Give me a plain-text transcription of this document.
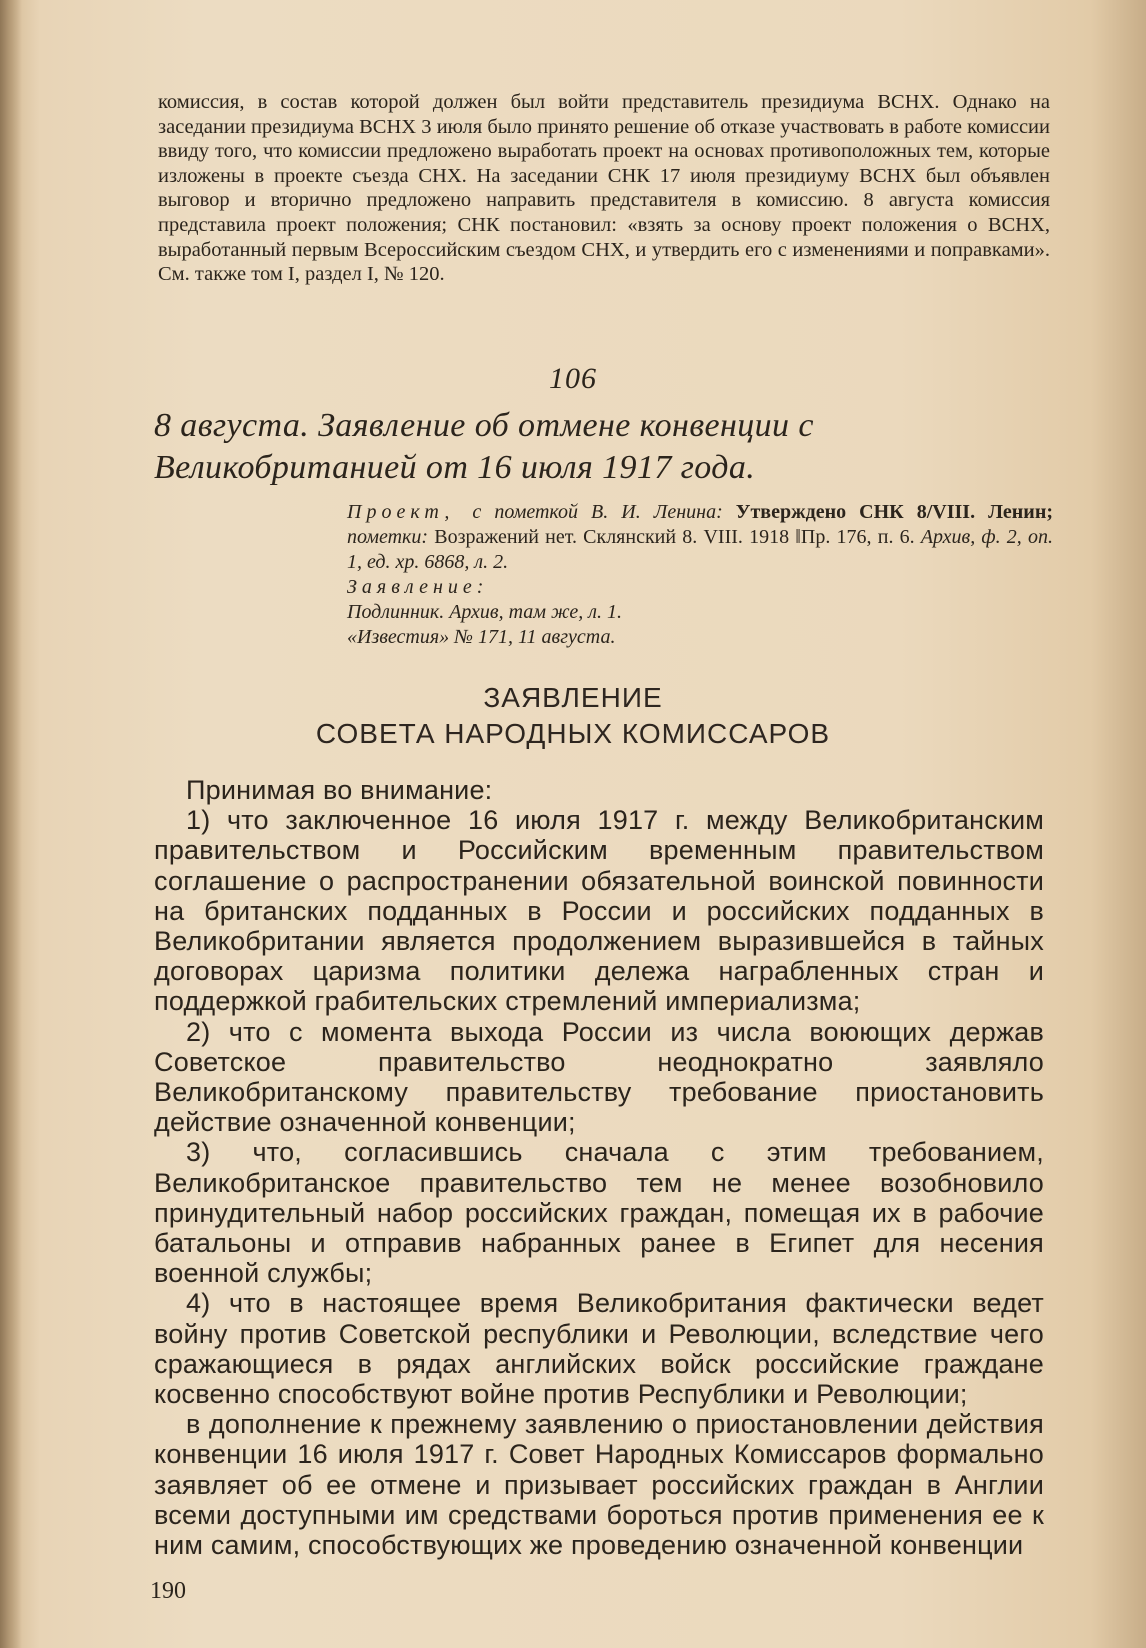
комиссия, в состав которой должен был войти представитель президиума ВСНХ. Однако на заседании президиума ВСНХ 3 июля было принято решение об отказе участвовать в работе комиссии ввиду того, что комиссии предложено выработать проект на основах противоположных тем, которые изложены в проекте съезда СНХ. На заседании СНК 17 июля президиуму ВСНХ был объявлен выговор и вторично предложено направить представителя в комиссию. 8 августа комиссия представила проект положения; СНК постановил: «взять за основу проект положения о ВСНХ, выработанный первым Всероссийским съездом СНХ, и утвердить его с изменениями и поправками». См. также том I, раздел I, № 120.

106
8 августа. Заявление об отмене конвенции с Великобританией от 16 июля 1917 года.
Проект, с пометкой В. И. Ленина: Утверждено СНК 8/VIII. Ленин; пометки: Возражений нет. Склянский 8. VIII. 1918 ‖Пр. 176, п. 6. Архив, ф. 2, оп. 1, ед. хр. 6868, л. 2.
Заявление:
Подлинник. Архив, там же, л. 1.
«Известия» № 171, 11 августа.
ЗАЯВЛЕНИЕ
СОВЕТА НАРОДНЫХ КОМИССАРОВ

Принимая во внимание:

1) что заключенное 16 июля 1917 г. между Великобританским правительством и Российским временным правительством соглашение о распространении обязательной воинской повинности на британских подданных в России и российских подданных в Великобритании является продолжением выразившейся в тайных договорах царизма политики дележа награбленных стран и поддержкой грабительских стремлений империализма;

2) что с момента выхода России из числа воюющих держав Советское правительство неоднократно заявляло Великобританскому правительству требование приостановить действие означенной конвенции;

3) что, согласившись сначала с этим требованием, Великобританское правительство тем не менее возобновило принудительный набор российских граждан, помещая их в рабочие батальоны и отправив набранных ранее в Египет для несения военной службы;

4) что в настоящее время Великобритания фактически ведет войну против Советской республики и Революции, вследствие чего сражающиеся в рядах английских войск российские граждане косвенно способствуют войне против Республики и Революции;

в дополнение к прежнему заявлению о приостановлении действия конвенции 16 июля 1917 г. Совет Народных Комиссаров формально заявляет об ее отмене и призывает российских граждан в Англии всеми доступными им средствами бороться против применения ее к ним самим, способствующих же проведению означенной конвенции

190
